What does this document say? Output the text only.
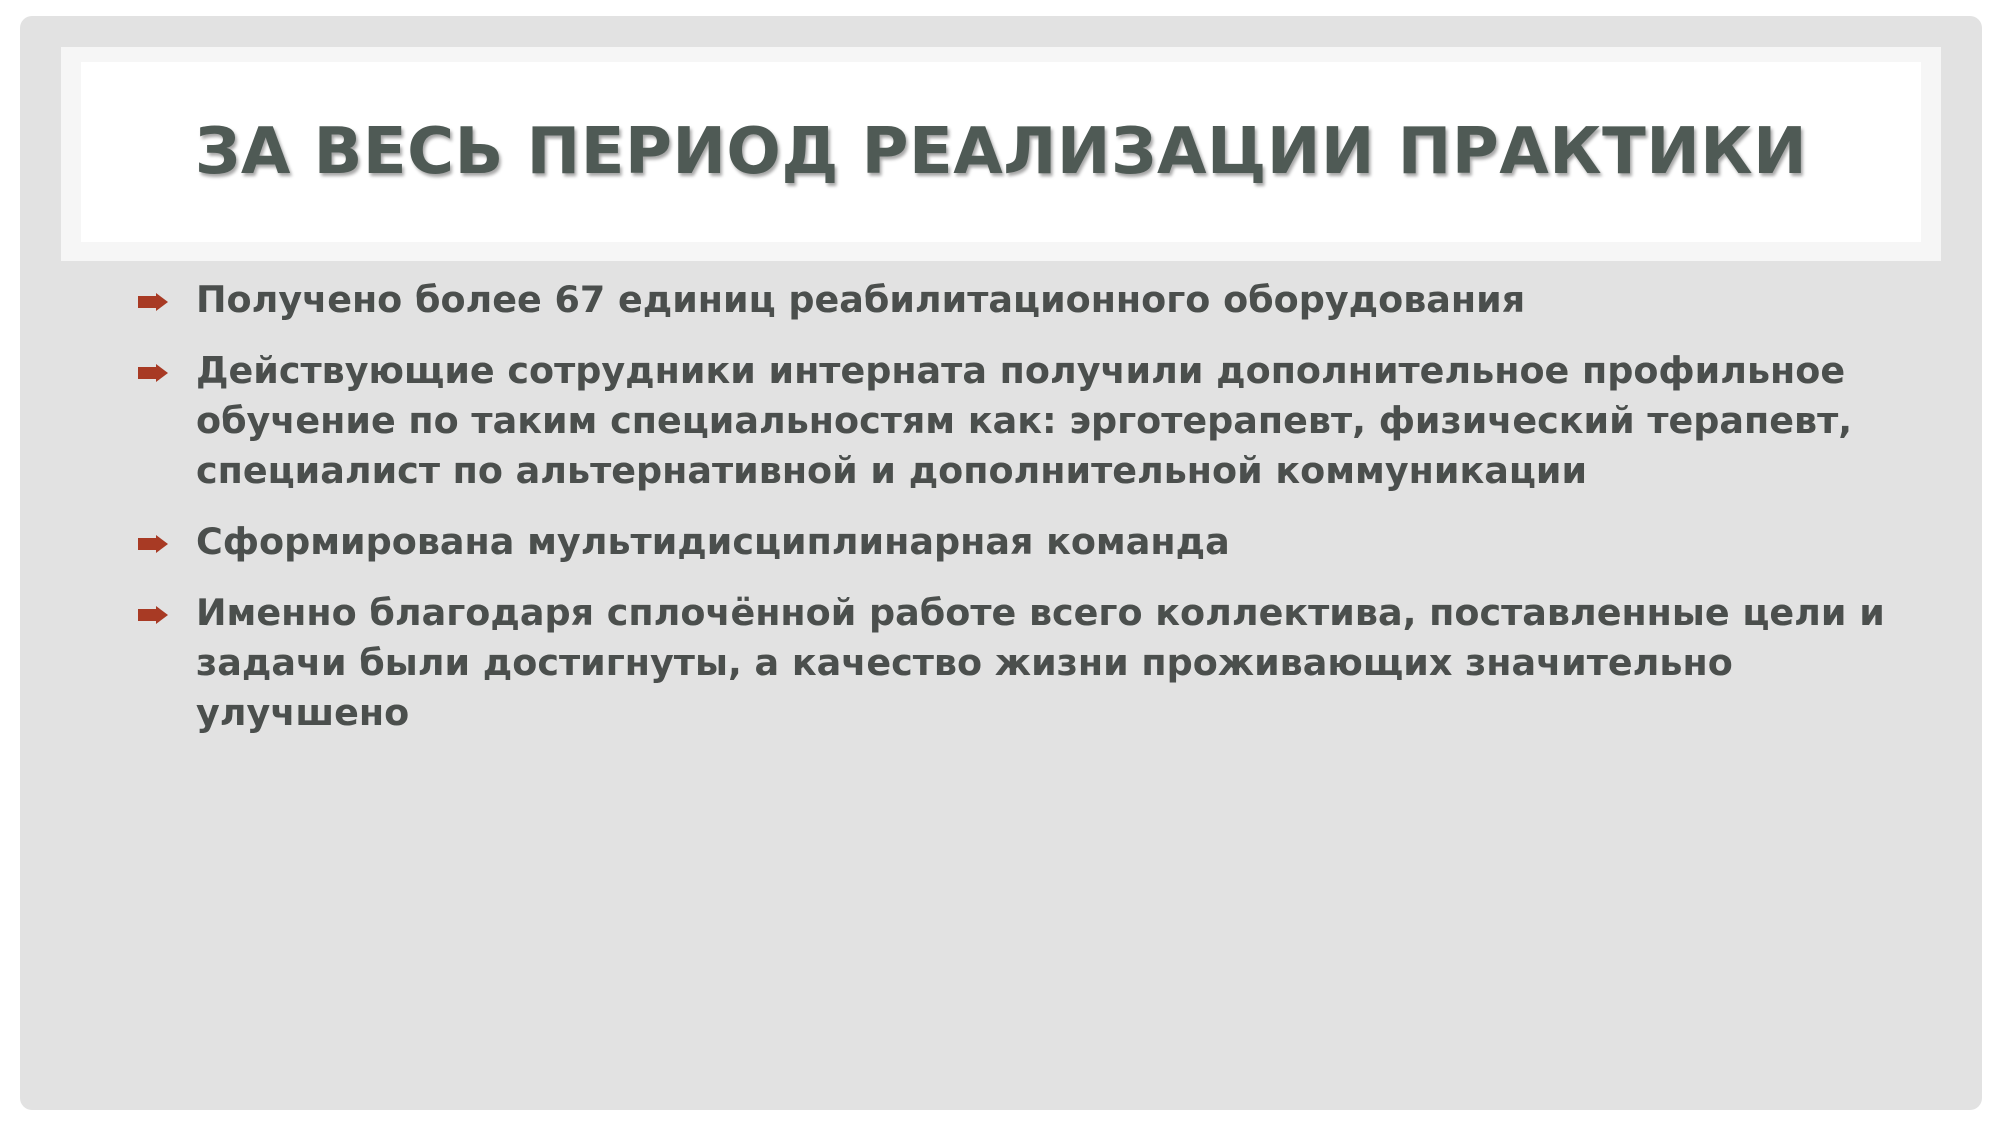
ЗА ВЕСЬ ПЕРИОД РЕАЛИЗАЦИИ ПРАКТИКИ
Получено более 67 единиц реабилитационного оборудования
Действующие сотрудники интерната получили дополнительное профильное обучение по таким специальностям как: эрготерапевт, физический терапевт, специалист по альтернативной и дополнительной коммуникации
Сформирована мультидисциплинарная команда
Именно благодаря сплочённой работе всего коллектива, поставленные цели и задачи были достигнуты, а качество жизни проживающих значительно улучшено
